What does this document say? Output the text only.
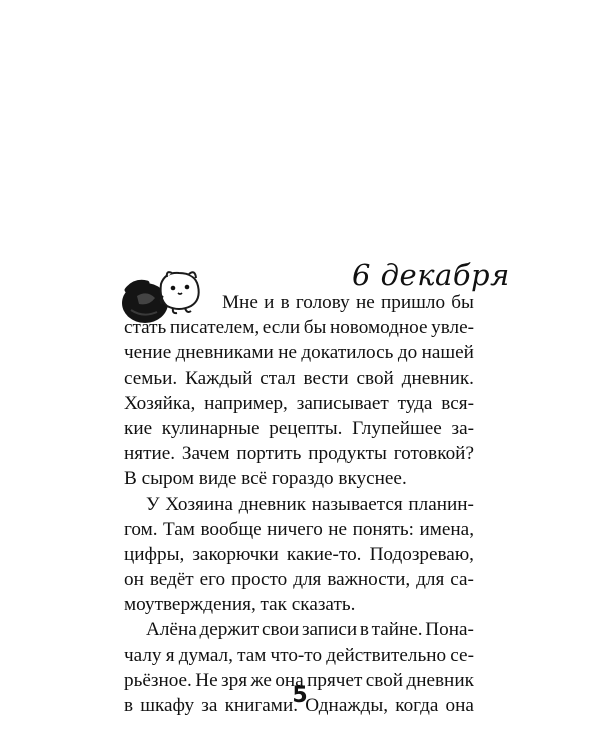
6 декабря
Мне и в голову не пришло бы
стать писателем, если бы новомодное увле-
чение дневниками не докатилось до нашей
семьи. Каждый стал вести свой дневник.
Хозяйка, например, записывает туда вся-
кие кулинарные рецепты. Глупейшее за-
нятие. Зачем портить продукты готовкой?
В сыром виде всё гораздо вкуснее.
У Хозяина дневник называется планин-
гом. Там вообще ничего не понять: имена,
цифры, закорючки какие-то. Подозреваю,
он ведёт его просто для важности, для са-
моутверждения, так сказать.
Алёна держит свои записи в тайне. Пона-
чалу я думал, там что-то действительно се-
рьёзное. Не зря же она прячет свой дневник
в шкафу за книгами. Однажды, когда она
5
